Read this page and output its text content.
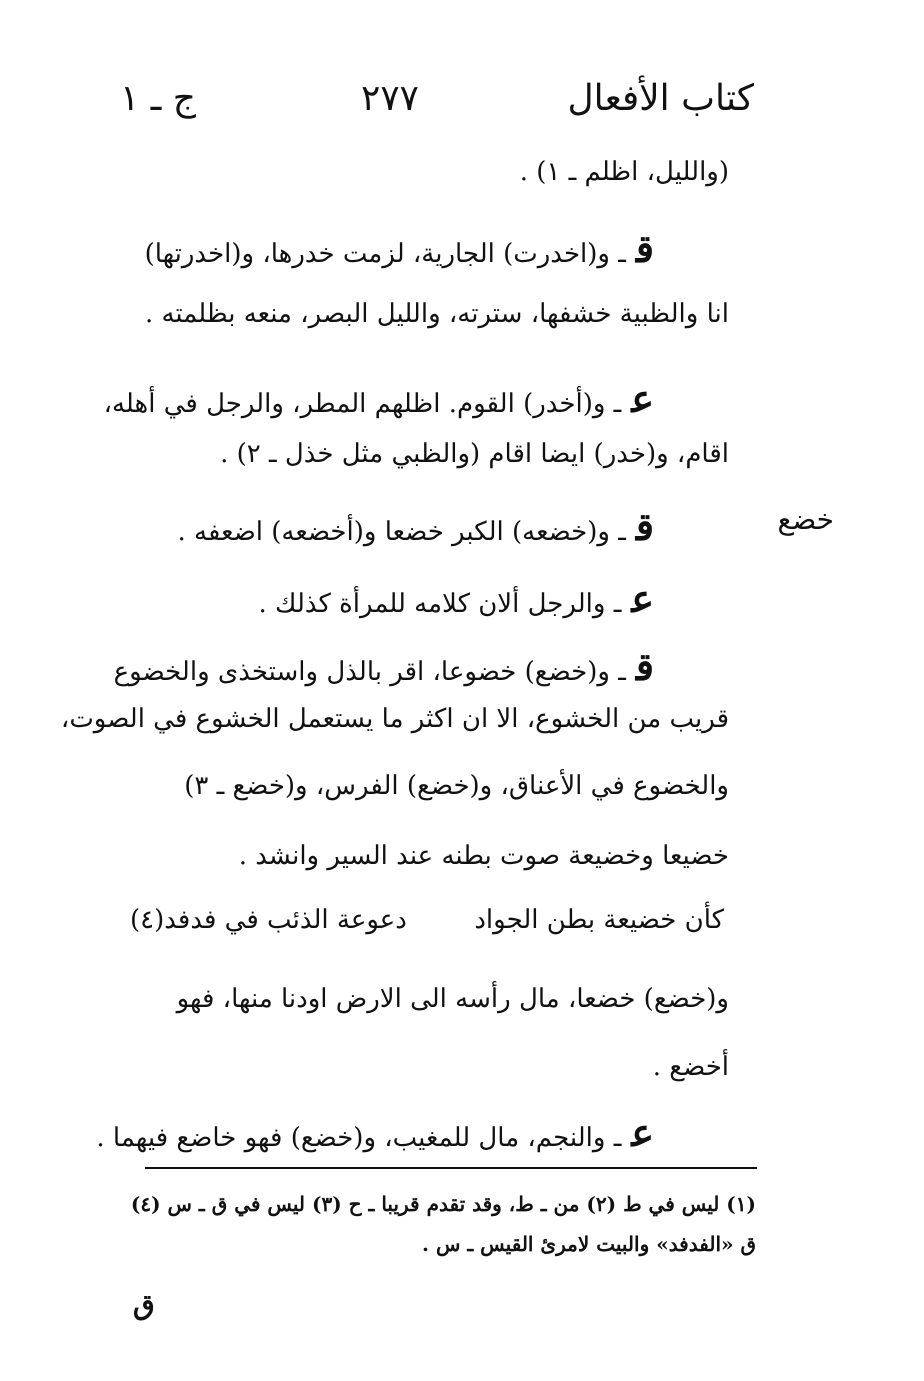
كتاب الأفعال
٢٧٧
ج ـ ١
خضع
(والليل، اظلم ـ ١) .
قـ و(اخدرت) الجارية، لزمت خدرها، و(اخدرتها)
انا والظبية خشفها، سترته، والليل البصر، منعه بظلمته .
عـ و(أخدر) القوم. اظلهم المطر، والرجل في أهله،
اقام، و(خدر) ايضا اقام (والظبي مثل خذل ـ ٢) .
قـ و(خضعه) الكبر خضعا و(أخضعه) اضعفه .
عـ والرجل ألان كلامه للمرأة كذلك .
قـ و(خضع) خضوعا، اقر بالذل واستخذى والخضوع
قريب من الخشوع، الا ان اكثر ما يستعمل الخشوع في الصوت،
والخضوع في الأعناق، و(خضع) الفرس، و(خضع ـ ٣)
خضيعا وخضيعة صوت بطنه عند السير وانشد .
كأن خضيعة بطن الجواد
دعوعة الذئب في فدفد(٤)
و(خضع) خضعا، مال رأسه الى الارض اودنا منها، فهو
أخضع .
عـ والنجم، مال للمغيب، و(خضع) فهو خاضع فيهما .
(١) ليس في ط (٢) من ـ ط، وقد تقدم قريبا ـ ح (٣) ليس في ق ـ س (٤)
ق «الفدفد» والبيت لامرئ القيس ـ س .
ق
